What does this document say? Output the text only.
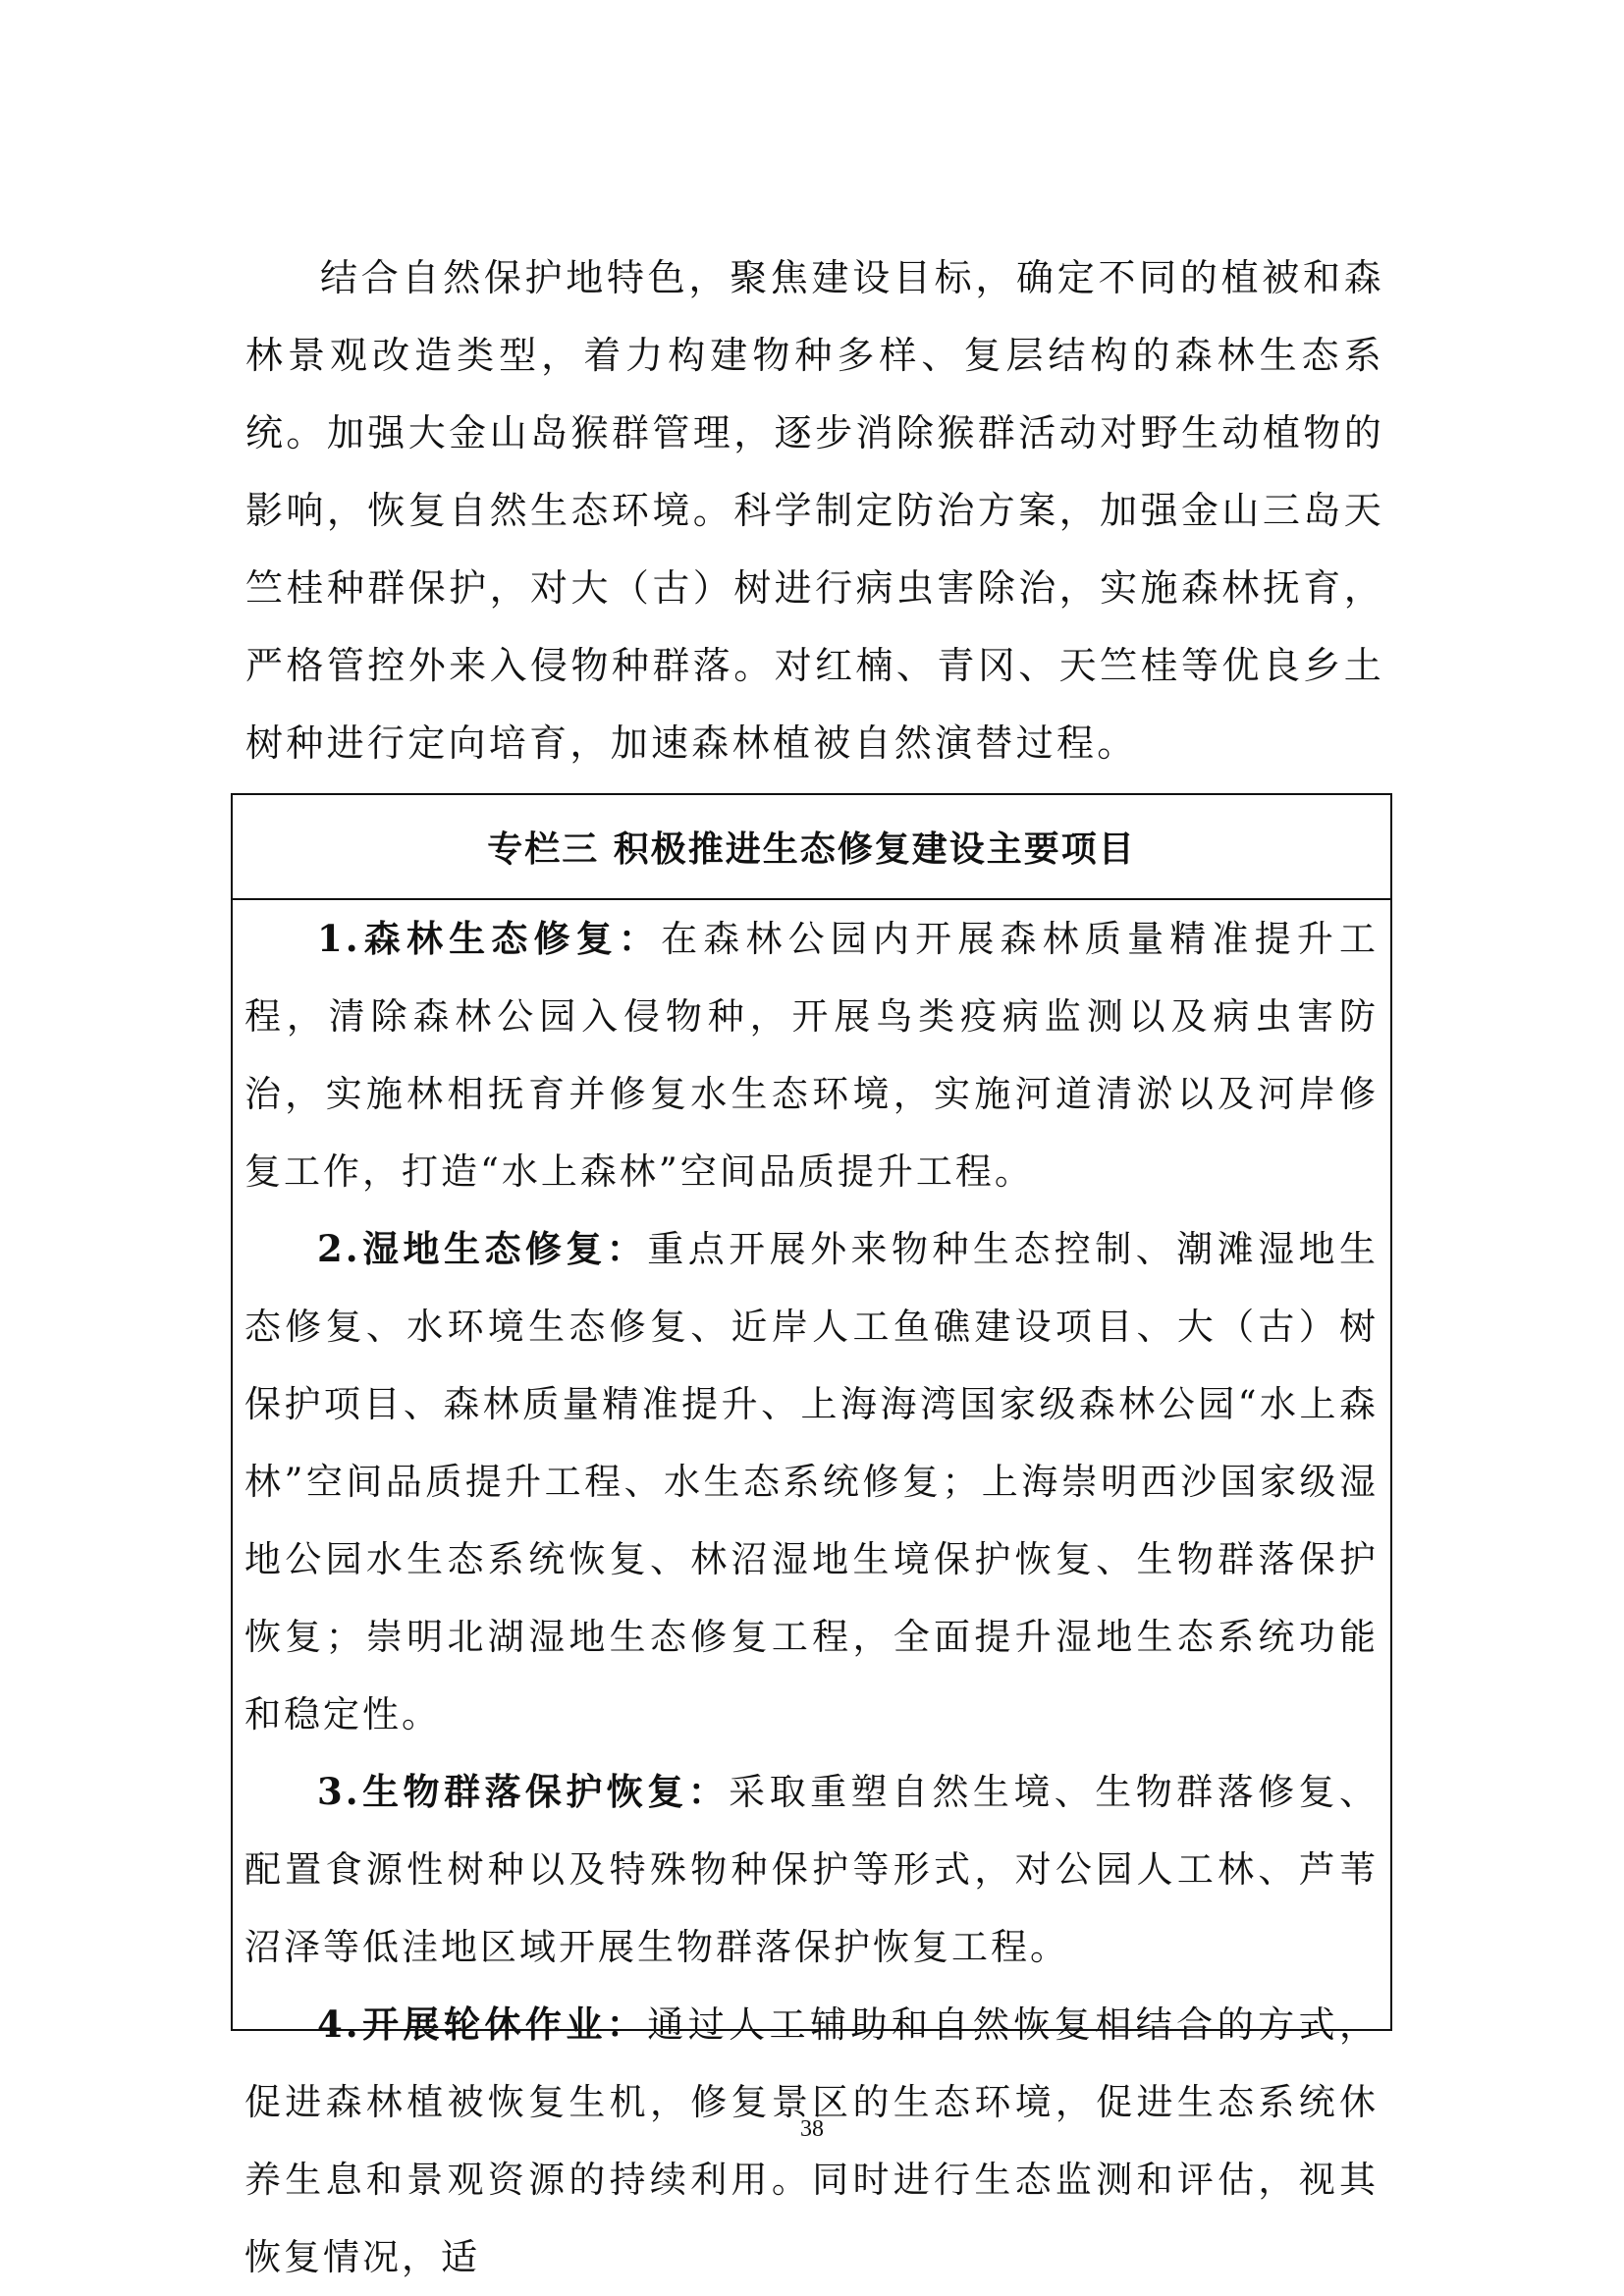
结合自然保护地特色，聚焦建设目标，确定不同的植被和森林景观改造类型，着力构建物种多样、复层结构的森林生态系统。加强大金山岛猴群管理，逐步消除猴群活动对野生动植物的影响，恢复自然生态环境。科学制定防治方案，加强金山三岛天竺桂种群保护，对大（古）树进行病虫害除治，实施森林抚育，严格管控外来入侵物种群落。对红楠、青冈、天竺桂等优良乡土树种进行定向培育，加速森林植被自然演替过程。

专栏三 积极推进生态修复建设主要项目

1.森林生态修复：在森林公园内开展森林质量精准提升工程，清除森林公园入侵物种，开展鸟类疫病监测以及病虫害防治，实施林相抚育并修复水生态环境，实施河道清淤以及河岸修复工作，打造“水上森林”空间品质提升工程。

2.湿地生态修复：重点开展外来物种生态控制、潮滩湿地生态修复、水环境生态修复、近岸人工鱼礁建设项目、大（古）树保护项目、森林质量精准提升、上海海湾国家级森林公园“水上森林”空间品质提升工程、水生态系统修复；上海崇明西沙国家级湿地公园水生态系统恢复、林沼湿地生境保护恢复、生物群落保护恢复；崇明北湖湿地生态修复工程，全面提升湿地生态系统功能和稳定性。

3.生物群落保护恢复：采取重塑自然生境、生物群落修复、配置食源性树种以及特殊物种保护等形式，对公园人工林、芦苇沼泽等低洼地区域开展生物群落保护恢复工程。

4.开展轮休作业：通过人工辅助和自然恢复相结合的方式，促进森林植被恢复生机，修复景区的生态环境，促进生态系统休养生息和景观资源的持续利用。同时进行生态监测和评估，视其恢复情况，适

38
